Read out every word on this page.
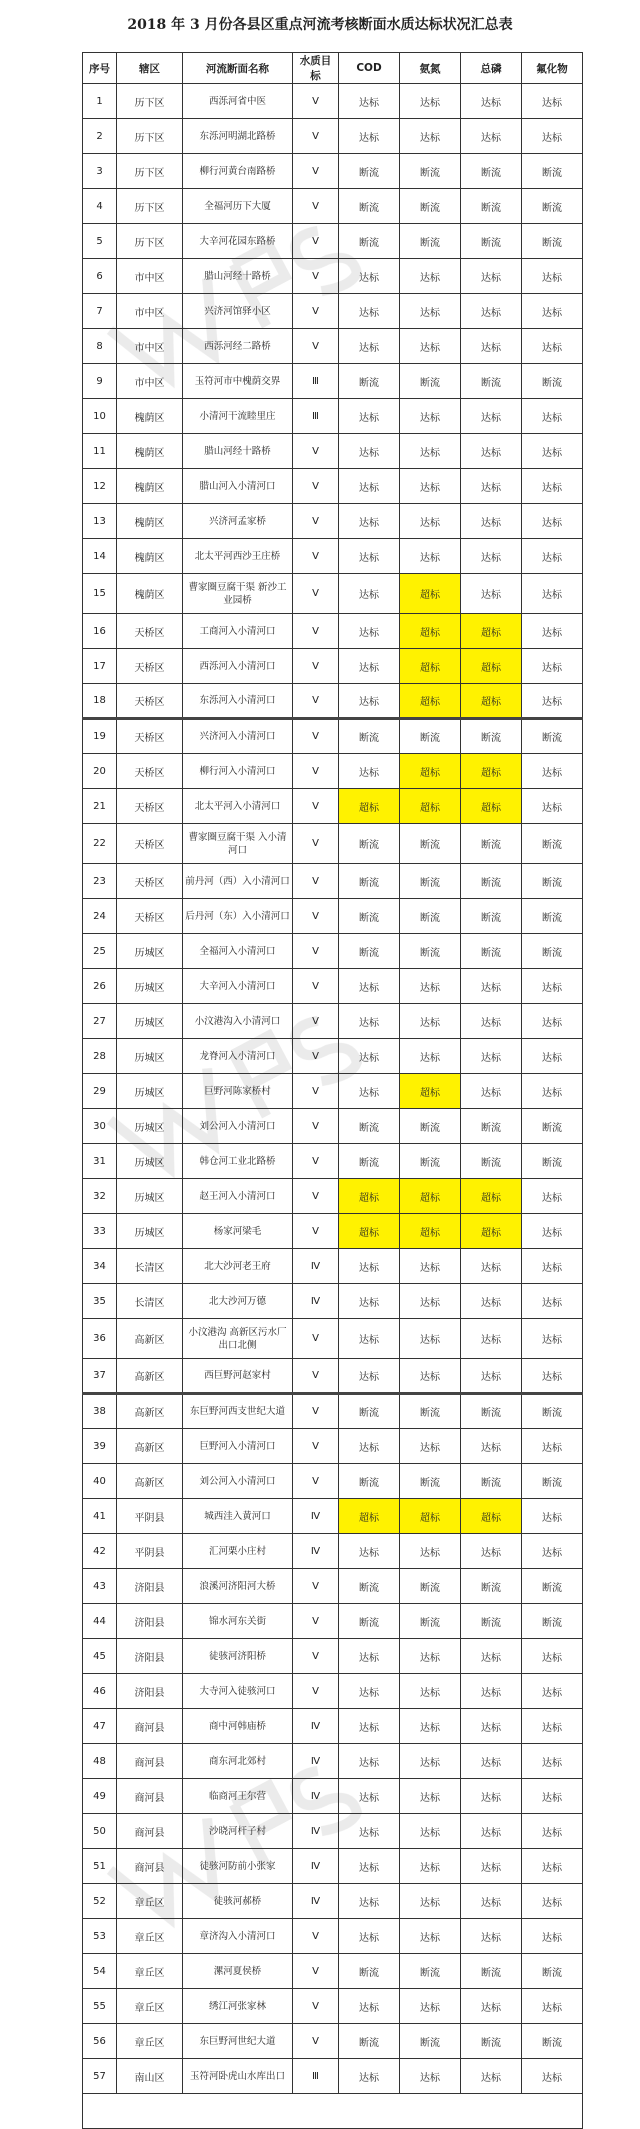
2018 年 3 月份各县区重点河流考核断面水质达标状况汇总表
序号	辖区	河流断面名称	水质目标	COD	氨氮	总磷	氟化物
1	历下区	西泺河省中医	Ⅴ	达标	达标	达标	达标
2	历下区	东泺河明湖北路桥	Ⅴ	达标	达标	达标	达标
3	历下区	柳行河黄台南路桥	Ⅴ	断流	断流	断流	断流
4	历下区	全福河历下大厦	Ⅴ	断流	断流	断流	断流
5	历下区	大辛河花园东路桥	Ⅴ	断流	断流	断流	断流
6	市中区	腊山河经十路桥	Ⅴ	达标	达标	达标	达标
7	市中区	兴济河馆驿小区	Ⅴ	达标	达标	达标	达标
8	市中区	西泺河经二路桥	Ⅴ	达标	达标	达标	达标
9	市中区	玉符河市中槐荫交界	Ⅲ	断流	断流	断流	断流
10	槐荫区	小清河干流睦里庄	Ⅲ	达标	达标	达标	达标
11	槐荫区	腊山河经十路桥	Ⅴ	达标	达标	达标	达标
12	槐荫区	腊山河入小清河口	Ⅴ	达标	达标	达标	达标
13	槐荫区	兴济河孟家桥	Ⅴ	达标	达标	达标	达标
14	槐荫区	北太平河西沙王庄桥	Ⅴ	达标	达标	达标	达标
15	槐荫区	曹家圈豆腐干渠 新沙工业园桥	Ⅴ	达标	超标	达标	达标
16	天桥区	工商河入小清河口	Ⅴ	达标	超标	超标	达标
17	天桥区	西泺河入小清河口	Ⅴ	达标	超标	超标	达标
18	天桥区	东泺河入小清河口	Ⅴ	达标	超标	超标	达标
19	天桥区	兴济河入小清河口	Ⅴ	断流	断流	断流	断流
20	天桥区	柳行河入小清河口	Ⅴ	达标	超标	超标	达标
21	天桥区	北太平河入小清河口	Ⅴ	超标	超标	超标	达标
22	天桥区	曹家圈豆腐干渠 入小清河口	Ⅴ	断流	断流	断流	断流
23	天桥区	前丹河（西）入小清河口	Ⅴ	断流	断流	断流	断流
24	天桥区	后丹河（东）入小清河口	Ⅴ	断流	断流	断流	断流
25	历城区	全福河入小清河口	Ⅴ	断流	断流	断流	断流
26	历城区	大辛河入小清河口	Ⅴ	达标	达标	达标	达标
27	历城区	小汶港沟入小清河口	Ⅴ	达标	达标	达标	达标
28	历城区	龙脊河入小清河口	Ⅴ	达标	达标	达标	达标
29	历城区	巨野河陈家桥村	Ⅴ	达标	超标	达标	达标
30	历城区	刘公河入小清河口	Ⅴ	断流	断流	断流	断流
31	历城区	韩仓河工业北路桥	Ⅴ	断流	断流	断流	断流
32	历城区	赵王河入小清河口	Ⅴ	超标	超标	超标	达标
33	历城区	杨家河梁毛	Ⅴ	超标	超标	超标	达标
34	长清区	北大沙河老王府	Ⅳ	达标	达标	达标	达标
35	长清区	北大沙河万德	Ⅳ	达标	达标	达标	达标
36	高新区	小汶港沟 高新区污水厂出口北侧	Ⅴ	达标	达标	达标	达标
37	高新区	西巨野河赵家村	Ⅴ	达标	达标	达标	达标
38	高新区	东巨野河西支世纪大道	Ⅴ	断流	断流	断流	断流
39	高新区	巨野河入小清河口	Ⅴ	达标	达标	达标	达标
40	高新区	刘公河入小清河口	Ⅴ	断流	断流	断流	断流
41	平阴县	城西洼入黄河口	Ⅳ	超标	超标	超标	达标
42	平阴县	汇河栗小庄村	Ⅳ	达标	达标	达标	达标
43	济阳县	浪溪河济阳河大桥	Ⅴ	断流	断流	断流	断流
44	济阳县	锦水河东关街	Ⅴ	断流	断流	断流	断流
45	济阳县	徒骇河济阳桥	Ⅴ	达标	达标	达标	达标
46	济阳县	大寺河入徒骇河口	Ⅴ	达标	达标	达标	达标
47	商河县	商中河韩庙桥	Ⅳ	达标	达标	达标	达标
48	商河县	商东河北郊村	Ⅳ	达标	达标	达标	达标
49	商河县	临商河王尔营	Ⅳ	达标	达标	达标	达标
50	商河县	沙晓河杆子村	Ⅳ	达标	达标	达标	达标
51	商河县	徒骇河防前小张家	Ⅳ	达标	达标	达标	达标
52	章丘区	徒骇河郝桥	Ⅳ	达标	达标	达标	达标
53	章丘区	章济沟入小清河口	Ⅴ	达标	达标	达标	达标
54	章丘区	漯河夏侯桥	Ⅴ	断流	断流	断流	断流
55	章丘区	绣江河张家林	Ⅴ	达标	达标	达标	达标
56	章丘区	东巨野河世纪大道	Ⅴ	断流	断流	断流	断流
57	南山区	玉符河卧虎山水库出口	Ⅲ	达标	达标	达标	达标
